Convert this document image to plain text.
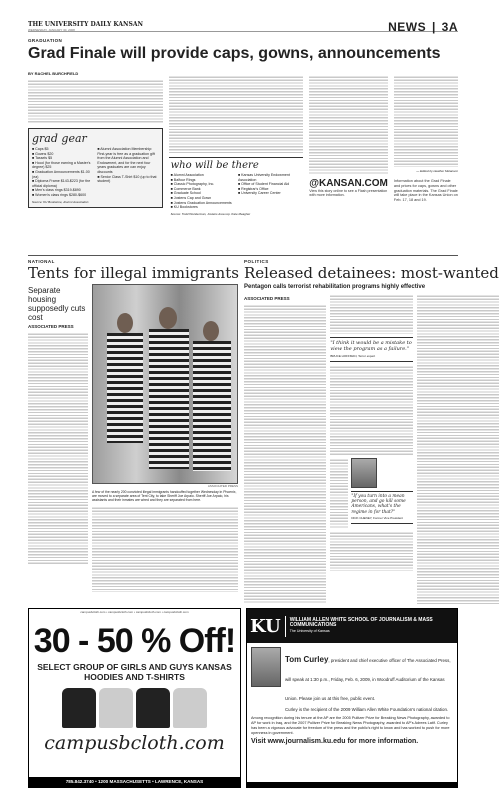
THE UNIVERSITY DAILY KANSAN
WEDNESDAY, JANUARY 30, 2008	NEWS | 3A
GRADUATION
Grad Finale will provide caps, gowns, announcements
BY RACHEL BURCHFIELD
grad gear
■ Caps $5
■ Gowns $20
■ Tassels $5
■ Hood (for those earning a Master's degree) $25
■ Graduation Announcements $1.00 (ea)
■ Diploma Frame $143-$223 (for the official diploma)
■ Men's class rings $319-$890
■ Women's class rings $280-$600
■ Alumni Association Membership: First-year is free as a graduation gift from the Alumni Association and Endowment, and for the next four years graduates are can enjoy discounts
■ Senior Class T-Shirt $10 (up to that student)
Source: KU Bookstore, Alumni Association
who will be there
■ Alumni Association
■ Balfour Rings
■ Classic Photography, Inc.
■ Commerce Bank
■ Graduate School
■ Jostens Cap and Gown
■ Jostens Graduation Announcements
■ KU Bookstores
■ Kansas University Endowment Association
■ Office of Student Financial Aid
■ Registrar's Office
■ University Career Center
Source: Todd Wunderman, Jostens Area rep. Kate Meagher
@KANSAN.COM
View this story online to see a Flash presentation with more information.
— Edited by Heather Melanson
Information about the Grad Finale and prices for caps, gowns and other graduation materials. The Grad Finale will take place in the Kansas Union on Feb. 17, 18 and 19.
NATIONAL
Tents for illegal immigrants
Separate housing supposedly cuts cost
ASSOCIATED PRESS
ASSOCIATED PRESS
A few of the nearly 200 convicted illegal immigrants handcuffed together Wednesday in Phoenix, are moved to a separate area of Tent City, to take Sheriff Joe Arpaio. Sheriff Joe Arpaio, his assistants and their inmates are wired and they are separated from here.
POLITICS
Released detainees: most-wanted
Pentagon calls terrorist rehabilitation programs highly effective
ASSOCIATED PRESS
"I think it would be a mistake to view the program as a failure."
BRUCE HOFFMAN, Terror expert
"If you turn into a mean person, and go kill some Americans, what's the regime in for that?"
DICK CHENEY, Former Vice President
campusbcloth.com • campusbcloth.com • campusbcloth.com • campusbcloth.com
30 - 50 % Off!
SELECT GROUP OF GIRLS AND GUYS KANSAS HOODIES AND T-SHIRTS
campusbcloth.com
785.842.3740 • 1200 MASSACHUSETTS • LAWRENCE, KANSAS
KU	WILLIAM ALLEN WHITE SCHOOL OF JOURNALISM & MASS COMMUNICATIONS
The University of Kansas
Tom Curley, president and chief executive officer of The Associated Press, will speak at 1:30 p.m., Friday, Feb. 6, 2009, in Woodruff Auditorium of the Kansas Union. Please join us at this free, public event.
Curley is the recipient of the 2009 William Allen White Foundation's national citation.
Among recognition during his tenure at the AP are the 2005 Pulitzer Prize for Breaking News Photography, awarded to AP for work in Iraq, and the 2007 Pulitzer Prize for Breaking News Photography, awarded to AP's Adrees Latif. Curley has been a vigorous advocate for freedom of the press and the public's right to know and has worked to push for more openness in government.
Visit www.journalism.ku.edu for more information.
